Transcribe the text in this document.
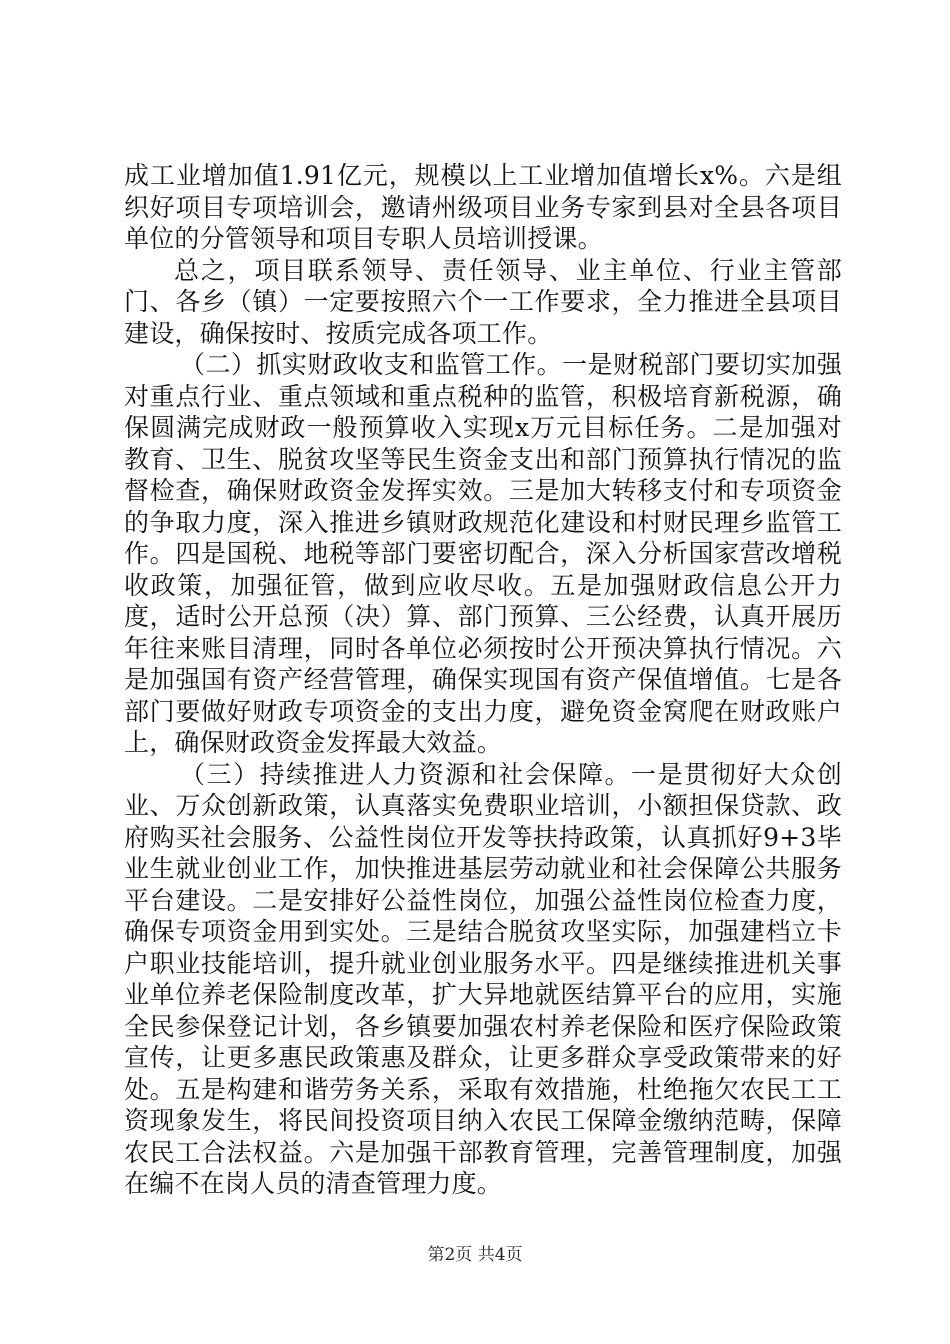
成工业增加值1.91亿元，规模以上工业增加值增长x%。六是组织好项目专项培训会，邀请州级项目业务专家到县对全县各项目单位的分管领导和项目专职人员培训授课。

总之，项目联系领导、责任领导、业主单位、行业主管部门、各乡（镇）一定要按照六个一工作要求，全力推进全县项目建设，确保按时、按质完成各项工作。

（二）抓实财政收支和监管工作。一是财税部门要切实加强对重点行业、重点领域和重点税种的监管，积极培育新税源，确保圆满完成财政一般预算收入实现x万元目标任务。二是加强对教育、卫生、脱贫攻坚等民生资金支出和部门预算执行情况的监督检查，确保财政资金发挥实效。三是加大转移支付和专项资金的争取力度，深入推进乡镇财政规范化建设和村财民理乡监管工作。四是国税、地税等部门要密切配合，深入分析国家营改增税收政策，加强征管，做到应收尽收。五是加强财政信息公开力度，适时公开总预（决）算、部门预算、三公经费，认真开展历年往来账目清理，同时各单位必须按时公开预决算执行情况。六是加强国有资产经营管理，确保实现国有资产保值增值。七是各部门要做好财政专项资金的支出力度，避免资金窝爬在财政账户上，确保财政资金发挥最大效益。

（三）持续推进人力资源和社会保障。一是贯彻好大众创业、万众创新政策，认真落实免费职业培训，小额担保贷款、政府购买社会服务、公益性岗位开发等扶持政策，认真抓好9+3毕业生就业创业工作，加快推进基层劳动就业和社会保障公共服务平台建设。二是安排好公益性岗位，加强公益性岗位检查力度，确保专项资金用到实处。三是结合脱贫攻坚实际，加强建档立卡户职业技能培训，提升就业创业服务水平。四是继续推进机关事业单位养老保险制度改革，扩大异地就医结算平台的应用，实施全民参保登记计划，各乡镇要加强农村养老保险和医疗保险政策宣传，让更多惠民政策惠及群众，让更多群众享受政策带来的好处。五是构建和谐劳务关系，采取有效措施，杜绝拖欠农民工工资现象发生，将民间投资项目纳入农民工保障金缴纳范畴，保障农民工合法权益。六是加强干部教育管理，完善管理制度，加强在编不在岗人员的清查管理力度。

第2页 共4页
